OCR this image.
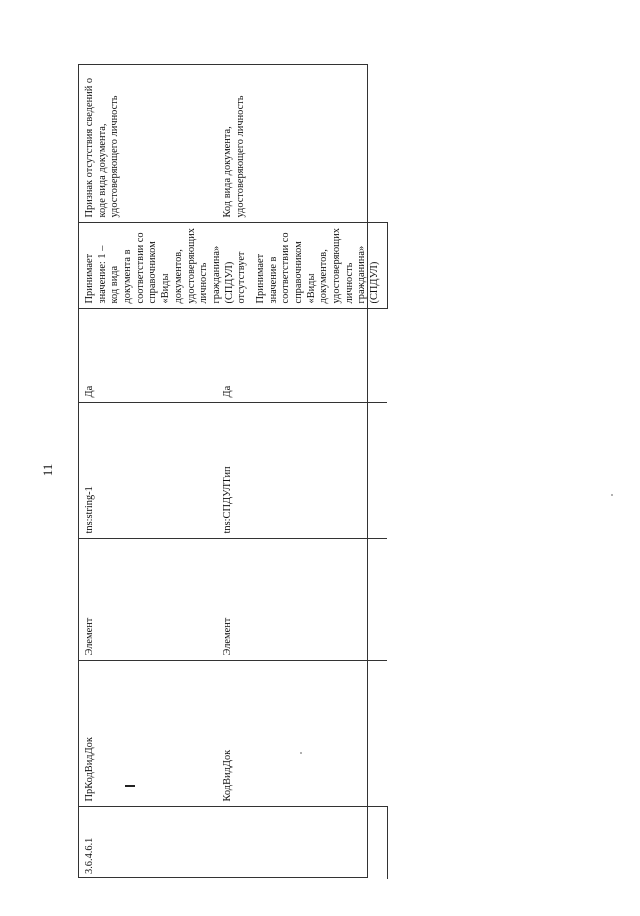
11
3.6.4.6.1	ПрКодВидДок	Элемент	tns:string-1	Да	Принимает значение: 1 – код вида документа в соответствии со справочником «Виды документов, удостоверяющих личность гражданина» (СПДУЛ) отсутствует Принимает значение в соответствии со справочником «Виды документов, удостоверяющих личность гражданина» (СПДУЛ)	Признак отсутствия сведений о коде вида документа, удостоверяющего личность
	КодВидДок	Элемент	tns:СПДУЛТип	Да		Код вида документа, удостоверяющего личность
